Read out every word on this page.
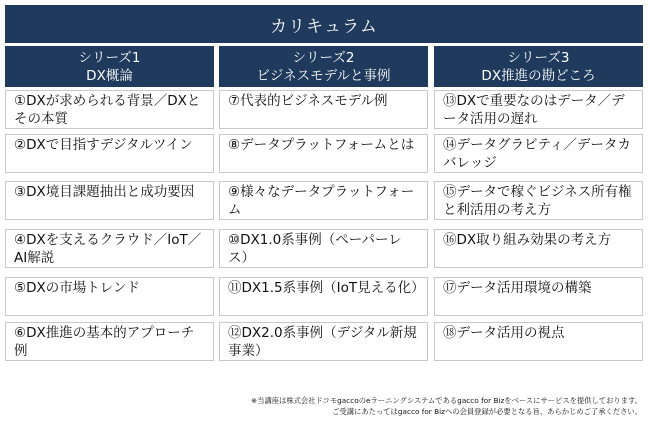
カリキュラム
シリーズ1
DX概論
シリーズ2
ビジネスモデルと事例
シリーズ3
DX推進の勘どころ
①DXが求められる背景／DXとその本質
②DXで目指すデジタルツイン
③DX境目課題抽出と成功要因
④DXを支えるクラウド／IoT／AI解説
⑤DXの市場トレンド
⑥DX推進の基本的アプローチ例
⑦代表的ビジネスモデル例
⑧データプラットフォームとは
⑨様々なデータプラットフォーム
⑩DX1.0系事例（ペーパーレス）
⑪DX1.5系事例（IoT見える化）
⑫DX2.0系事例（デジタル新規事業）
⑬DXで重要なのはデータ／データ活用の遅れ
⑭データグラビティ／データカバレッジ
⑮データで稼ぐビジネス所有権と利活用の考え方
⑯DX取り組み効果の考え方
⑰データ活用環境の構築
⑱データ活用の視点
※当講座は株式会社ドコモgaccoのeラーニングシステムであるgacco for Bizをベースにサービスを提供しております。
ご受講にあたってはgacco for Bizへの会員登録が必要となる旨、あらかじめご了承ください。
